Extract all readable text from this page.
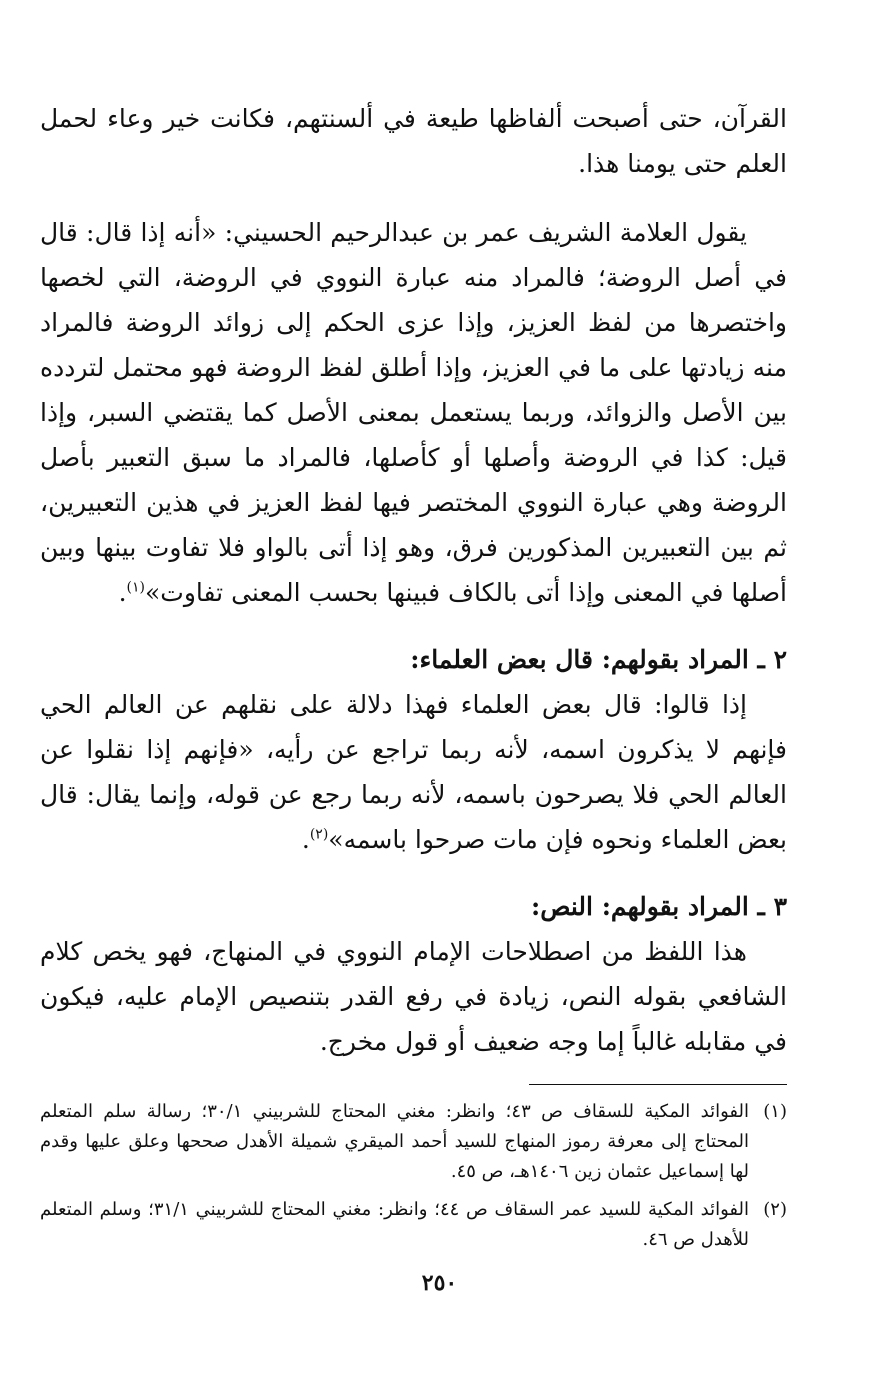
القرآن، حتى أصبحت ألفاظها طيعة في ألسنتهم، فكانت خير وعاء لحمل العلم حتى يومنا هذا.

يقول العلامة الشريف عمر بن عبدالرحيم الحسيني: «أنه إذا قال: قال في أصل الروضة؛ فالمراد منه عبارة النووي في الروضة، التي لخصها واختصرها من لفظ العزيز، وإذا عزى الحكم إلى زوائد الروضة فالمراد منه زيادتها على ما في العزيز، وإذا أطلق لفظ الروضة فهو محتمل لتردده بين الأصل والزوائد، وربما يستعمل بمعنى الأصل كما يقتضي السبر، وإذا قيل: كذا في الروضة وأصلها أو كأصلها، فالمراد ما سبق التعبير بأصل الروضة وهي عبارة النووي المختصر فيها لفظ العزيز في هذين التعبيرين، ثم بين التعبيرين المذكورين فرق، وهو إذا أتى بالواو فلا تفاوت بينها وبين أصلها في المعنى وإذا أتى بالكاف فبينها بحسب المعنى تفاوت»$^{(١)}$.

٢ ـ المراد بقولهم: قال بعض العلماء:

إذا قالوا: قال بعض العلماء فهذا دلالة على نقلهم عن العالم الحي فإنهم لا يذكرون اسمه، لأنه ربما تراجع عن رأيه، «فإنهم إذا نقلوا عن العالم الحي فلا يصرحون باسمه، لأنه ربما رجع عن قوله، وإنما يقال: قال بعض العلماء ونحوه فإن مات صرحوا باسمه»$^{(٢)}$.

٣ ـ المراد بقولهم: النص:

هذا اللفظ من اصطلاحات الإمام النووي في المنهاج، فهو يخص كلام الشافعي بقوله النص، زيادة في رفع القدر بتنصيص الإمام عليه، فيكون في مقابله غالباً إما وجه ضعيف أو قول مخرج.

(١)
الفوائد المكية للسقاف ص ٤٣؛ وانظر: مغني المحتاج للشربيني ٣٠/١؛ رسالة سلم المتعلم المحتاج إلى معرفة رموز المنهاج للسيد أحمد الميقري شميلة الأهدل صححها وعلق عليها وقدم لها إسماعيل عثمان زين ١٤٠٦هـ، ص ٤٥.
(٢)
الفوائد المكية للسيد عمر السقاف ص ٤٤؛ وانظر: مغني المحتاج للشربيني ٣١/١؛ وسلم المتعلم للأهدل ص ٤٦.
٢٥٠
